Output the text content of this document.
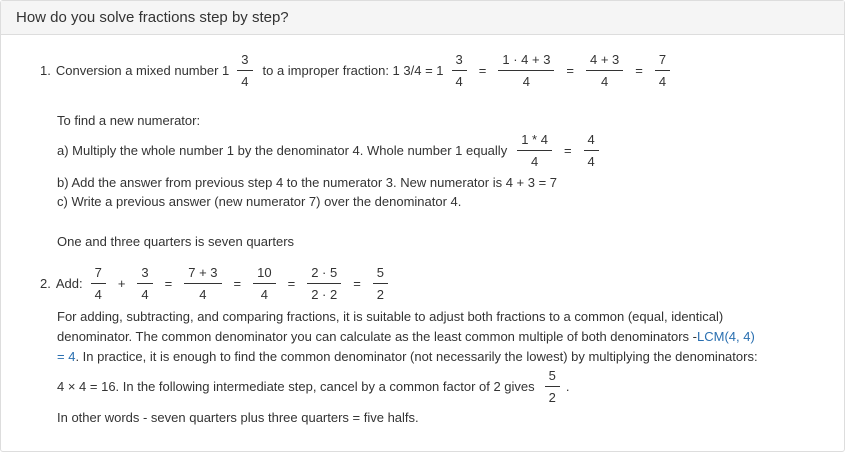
How do you solve fractions step by step?
1. Conversion a mixed number $1 \frac{3}{4}$ to a improper fraction: 1 $3/4 = 1 \frac{3}{4} = \frac{1 \cdot 4 + 3}{4} = \frac{4 + 3}{4} = \frac{7}{4}$
To find a new numerator:
a) Multiply the whole number 1 by the denominator 4. Whole number 1 equally $\frac{1 * 4}{4} = \frac{4}{4}$
b) Add the answer from previous step 4 to the numerator 3. New numerator is 4 + 3 = 7
c) Write a previous answer (new numerator 7) over the denominator 4.
One and three quarters is seven quarters
2. Add: $\frac{7}{4} + \frac{3}{4} = \frac{7 + 3}{4} = \frac{10}{4} = \frac{2 \cdot 5}{2 \cdot 2} = \frac{5}{2}$
For adding, subtracting, and comparing fractions, it is suitable to adjust both fractions to a common (equal, identical)
denominator. The common denominator you can calculate as the least common multiple of both denominators - LCM(4, 4)
= 4 . In practice, it is enough to find the common denominator (not necessarily the lowest) by multiplying the denominators:
4 × 4 = 16. In the following intermediate step, cancel by a common factor of 2 gives $\frac{5}{2}$ .
In other words - seven quarters plus three quarters = five halfs.
